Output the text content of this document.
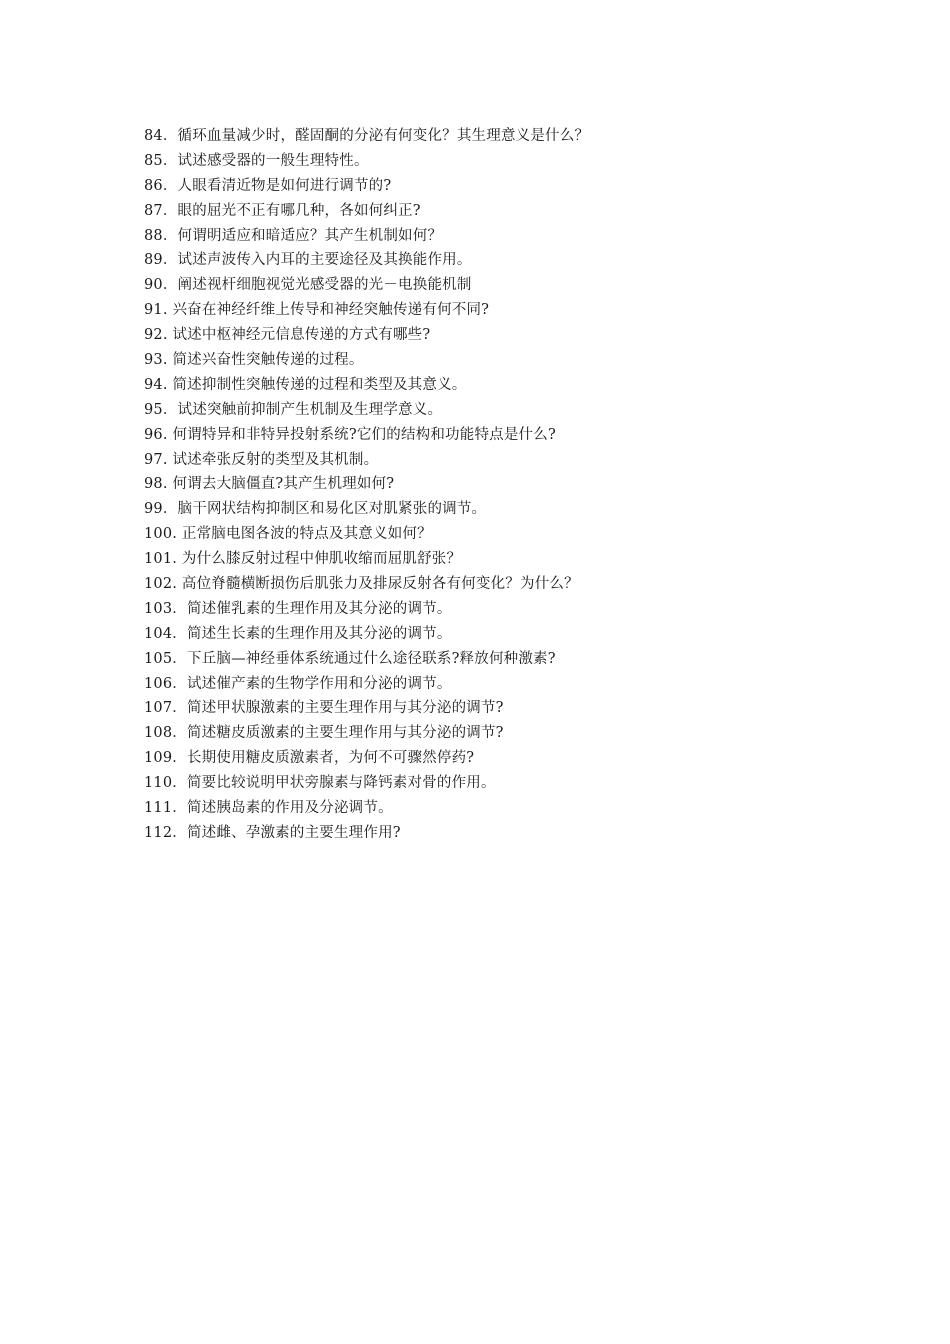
84．循环血量减少时，醛固酮的分泌有何变化？其生理意义是什么？
85．试述感受器的一般生理特性。
86．人眼看清近物是如何进行调节的?
87．眼的屈光不正有哪几种，各如何纠正?
88．何谓明适应和暗适应？其产生机制如何？
89．试述声波传入内耳的主要途径及其换能作用。
90．阐述视杆细胞视觉光感受器的光－电换能机制
91. 兴奋在神经纤维上传导和神经突触传递有何不同?
92. 试述中枢神经元信息传递的方式有哪些?
93. 简述兴奋性突触传递的过程。
94. 简述抑制性突触传递的过程和类型及其意义。
95．试述突触前抑制产生机制及生理学意义。
96. 何谓特异和非特异投射系统?它们的结构和功能特点是什么?
97. 试述牵张反射的类型及其机制。
98. 何谓去大脑僵直?其产生机理如何?
99．脑干网状结构抑制区和易化区对肌紧张的调节。
100. 正常脑电图各波的特点及其意义如何？
101. 为什么膝反射过程中伸肌收缩而屈肌舒张？
102. 高位脊髓横断损伤后肌张力及排尿反射各有何变化？为什么？
103．简述催乳素的生理作用及其分泌的调节。
104．简述生长素的生理作用及其分泌的调节。
105．下丘脑—神经垂体系统通过什么途径联系?释放何种激素?
106．试述催产素的生物学作用和分泌的调节。
107．简述甲状腺激素的主要生理作用与其分泌的调节?
108．简述糖皮质激素的主要生理作用与其分泌的调节?
109．长期使用糖皮质激素者，为何不可骤然停药?
110．简要比较说明甲状旁腺素与降钙素对骨的作用。
111．简述胰岛素的作用及分泌调节。
112．简述雌、孕激素的主要生理作用?
